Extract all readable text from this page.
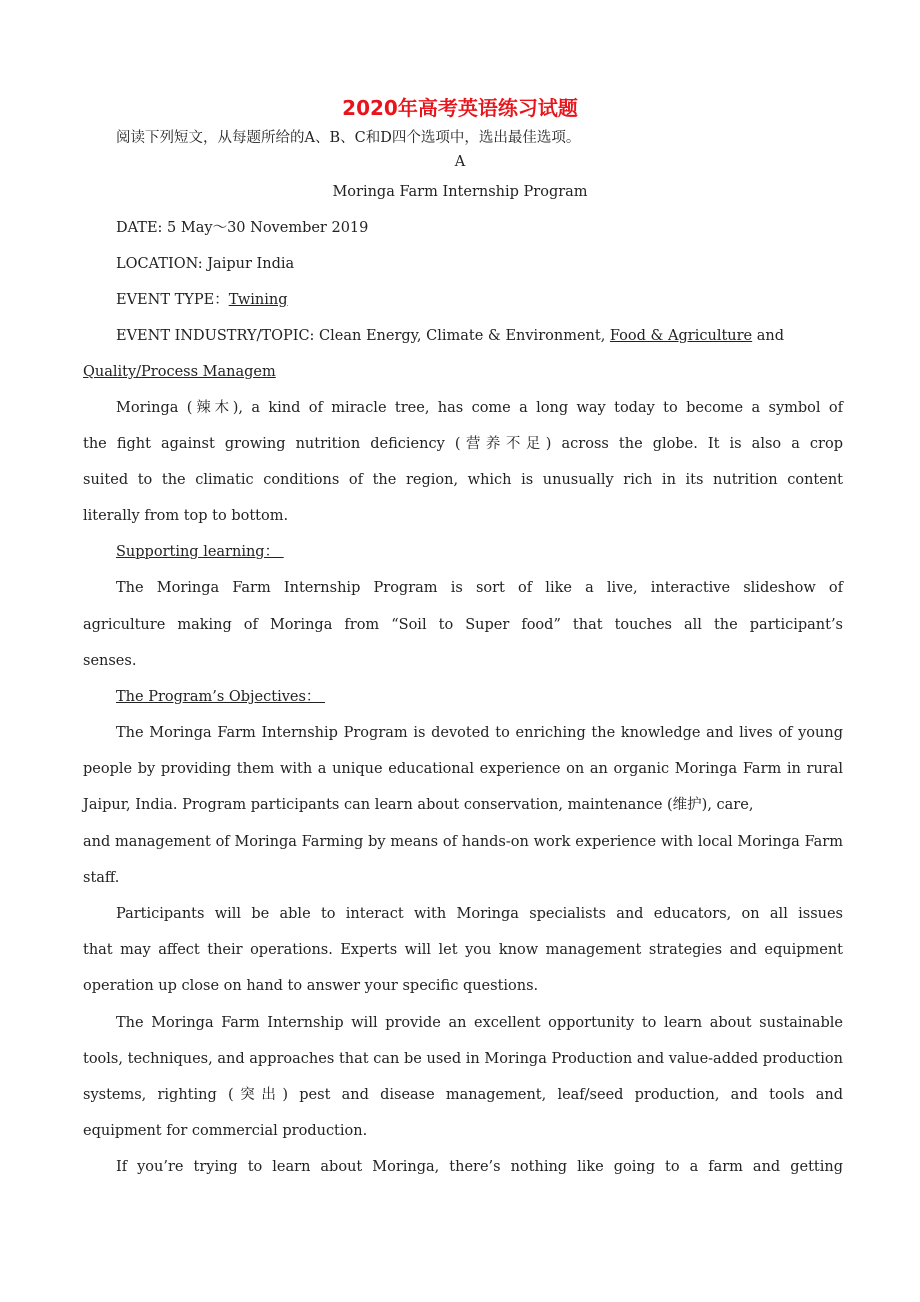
2020年高考英语练习试题
阅读下列短文，从每题所给的A、B、C和D四个选项中，选出最佳选项。
A
Moringa Farm Internship Program
DATE: 5 May～30 November 2019
LOCATION: Jaipur India
EVENT TYPE：Twining
EVENT INDUSTRY/TOPIC: Clean Energy, Climate & Environment, Food & Agriculture and
Quality/Process Managem
Moringa (辣木), a kind of miracle tree, has come a long way today to become a symbol of
the fight against growing nutrition deficiency (营养不足) across the globe. It is also a crop
suited to the climatic conditions of the region, which is unusually rich in its nutrition content
literally from top to bottom.
Supporting learning：
The Moringa Farm Internship Program is sort of like a live, interactive slideshow of
agriculture making of Moringa from “Soil to Super food” that touches all the participant’s
senses.
The Program’s Objectives：
The Moringa Farm Internship Program is devoted to enriching the knowledge and lives of young
people by providing them with a unique educational experience on an organic Moringa Farm in rural
Jaipur, India. Program participants can learn about conservation, maintenance (维护), care,
and management of Moringa Farming by means of hands-on work experience with local Moringa Farm
staff.
Participants will be able to interact with Moringa specialists and educators, on all issues
that may affect their operations. Experts will let you know management strategies and equipment
operation up close on hand to answer your specific questions.
The Moringa Farm Internship will provide an excellent opportunity to learn about sustainable
tools, techniques, and approaches that can be used in Moringa Production and value-added production
systems, righting (突出) pest and disease management, leaf/seed production, and tools and
equipment for commercial production.
If you’re trying to learn about Moringa, there’s nothing like going to a farm and getting
